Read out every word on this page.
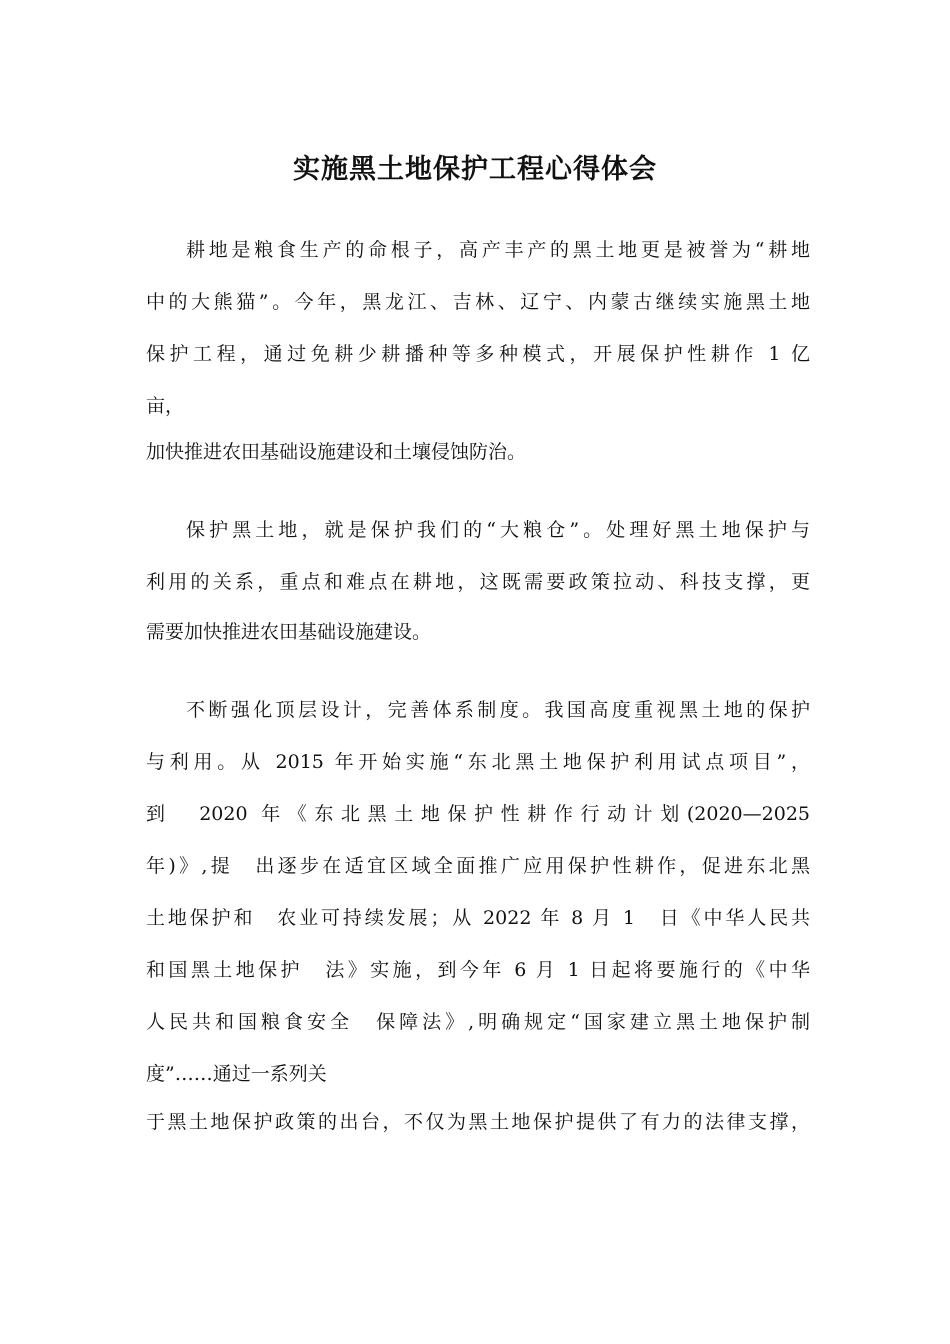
实施黑土地保护工程心得体会
耕地是粮食生产的命根子，高产丰产的黑土地更是被誉为“耕地
中的大熊猫”。今年，黑龙江、吉林、辽宁、内蒙古继续实施黑土地
保护工程，通过免耕少耕播种等多种模式，开展保护性耕作 1 亿
亩，
加快推进农田基础设施建设和土壤侵蚀防治。
保护黑土地，就是保护我们的“大粮仓”。处理好黑土地保护与
利用的关系，重点和难点在耕地，这既需要政策拉动、科技支撑，更
需要加快推进农田基础设施建设。
不断强化顶层设计，完善体系制度。我国高度重视黑土地的保护
与利用。从 2015 年开始实施“东北黑土地保护利用试点项目”，
到　2020 年《东北黑土地保护性耕作行动计划(2020—2025
年)》,提　出逐步在适宜区域全面推广应用保护性耕作，促进东北黑
土地保护和　农业可持续发展；从 2022 年 8 月 1　日《中华人民共
和国黑土地保护　法》实施，到今年 6 月 1 日起将要施行的《中华
人民共和国粮食安全　保障法》,明确规定“国家建立黑土地保护制
度”……通过一系列关
于黑土地保护政策的出台，不仅为黑土地保护提供了有力的法律支撑，
